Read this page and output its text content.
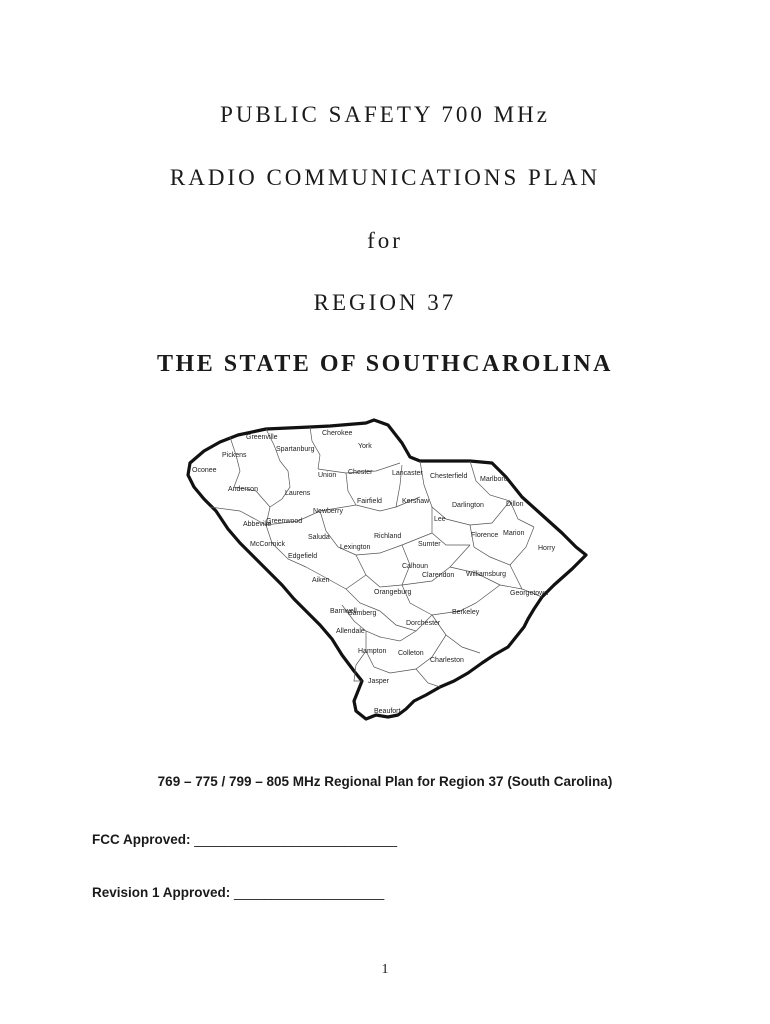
PUBLIC SAFETY 700 MHz
RADIO COMMUNICATIONS PLAN
for
REGION 37
THE STATE OF SOUTHCAROLINA
Greenville
Cherokee
York
Pickens
Spartanburg
Oconee
Union Chester	Lancaster Chesterfield Marlboro
Anderson
Laurens
Fairfield	Kershaw
Darlington	Dillon
Newberry
Lee
Abbeville
Greenwood
Florence Marion
Saluda	Richland
Sumter
Horry
McCormick	Lexington
Edgefield
Calhoun
Clarendon Williamsburg
Aiken
Orangeburg	Georgetown
Barnwell
Bamberg	Berkeley
Allendale
Dorchester
Hampton Colleton
Charleston
Jasper
Beaufort
769 – 775 / 799 – 805 MHz Regional Plan for Region 37 (South Carolina)
FCC Approved: ___________________________
Revision 1 Approved: ____________________
1
